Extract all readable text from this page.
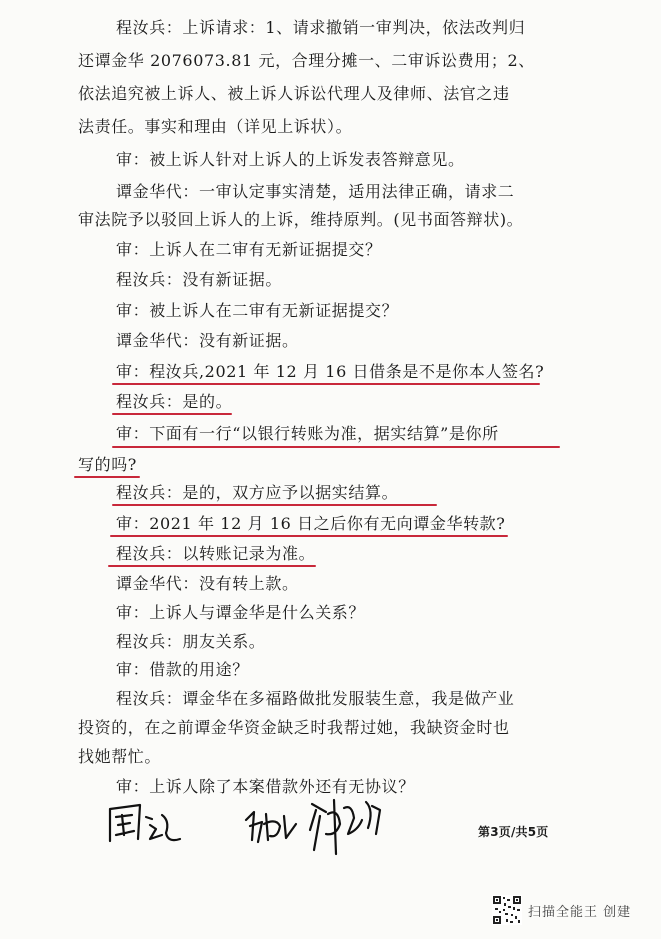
程汝兵：上诉请求：1、请求撤销一审判决，依法改判归
还谭金华 2076073.81 元，合理分摊一、二审诉讼费用；2、
依法追究被上诉人、被上诉人诉讼代理人及律师、法官之违
法责任。事实和理由（详见上诉状）。
审：被上诉人针对上诉人的上诉发表答辩意见。
谭金华代：一审认定事实清楚，适用法律正确，请求二
审法院予以驳回上诉人的上诉，维持原判。(见书面答辩状)。
审：上诉人在二审有无新证据提交？
程汝兵：没有新证据。
审：被上诉人在二审有无新证据提交？
谭金华代：没有新证据。
审：程汝兵,2021 年 12 月 16 日借条是不是你本人签名?
程汝兵：是的。
审：下面有一行“以银行转账为准，据实结算”是你所
写的吗?
程汝兵：是的，双方应予以据实结算。
审：2021 年 12 月 16 日之后你有无向谭金华转款?
程汝兵：以转账记录为准。
谭金华代：没有转上款。
审：上诉人与谭金华是什么关系？
程汝兵：朋友关系。
审：借款的用途？
程汝兵：谭金华在多福路做批发服装生意，我是做产业
投资的，在之前谭金华资金缺乏时我帮过她，我缺资金时也
找她帮忙。
审：上诉人除了本案借款外还有无协议？
第3页/共5页
扫描全能王 创建
